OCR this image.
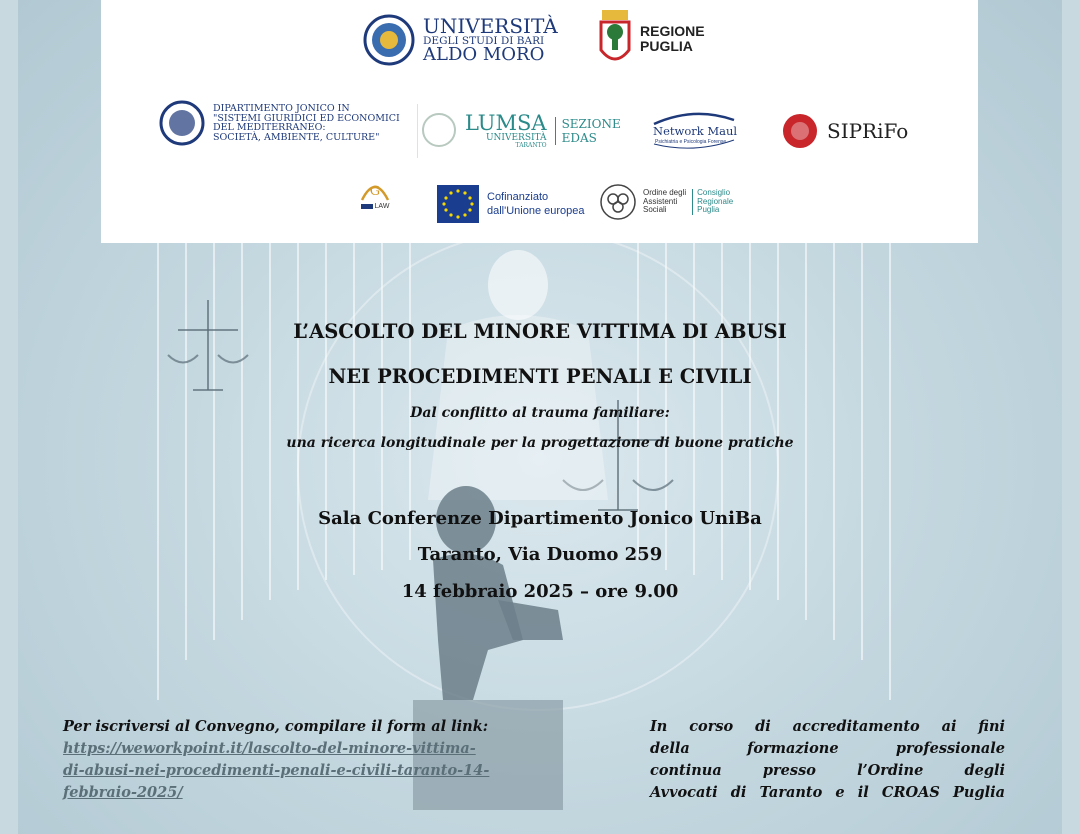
UNIVERSITÀ
DEGLI STUDI DI BARI
ALDO MORO
REGIONE
PUGLIA
DIPARTIMENTO JONICO IN
"SISTEMI GIURIDICI ED ECONOMICI
DEL MEDITERRANEO:
SOCIETÀ, AMBIENTE, CULTURE"
LUMSA
UNIVERSITÀ
TARANTO
SEZIONE
EDAS	Network Maul
Psichiatria e Psicologia Forense	SIPRiFo
G
LAW
Cofinanziato
dall'Unione europea
Ordine degli
Assistenti
Sociali
Consiglio
Regionale
Puglia
L’ASCOLTO DEL MINORE VITTIMA DI ABUSI
NEI PROCEDIMENTI PENALI E CIVILI
Dal conflitto al trauma familiare:
una ricerca longitudinale per la progettazione di buone pratiche
Sala Conferenze Dipartimento Jonico UniBa
Taranto, Via Duomo 259
14 febbraio 2025 – ore 9.00
Per iscriversi al Convegno, compilare il form al link:
https://weworkpoint.it/lascolto-del-minore-vittima-
di-abusi-nei-procedimenti-penali-e-civili-taranto-14-
febbraio-2025/
In corso di accreditamento ai fini
della formazione professionale
continua presso l’Ordine degli
Avvocati di Taranto e il CROAS Puglia
